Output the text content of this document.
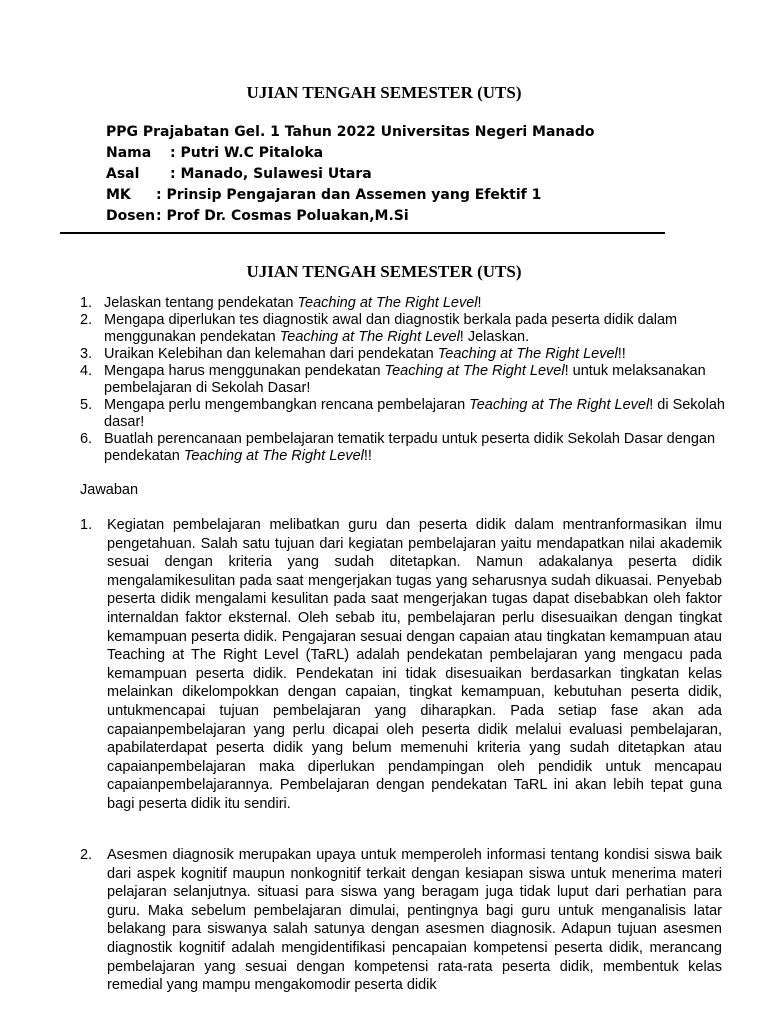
UJIAN TENGAH SEMESTER (UTS)
PPG Prajabatan Gel. 1 Tahun 2022 Universitas Negeri Manado
Nama : Putri W.C Pitaloka
Asal : Manado, Sulawesi Utara
MK : Prinsip Pengajaran dan Assemen yang Efektif 1
Dosen: Prof Dr. Cosmas Poluakan,M.Si
UJIAN TENGAH SEMESTER (UTS)
1. Jelaskan tentang pendekatan Teaching at The Right Level!
2. Mengapa diperlukan tes diagnostik awal dan diagnostik berkala pada peserta didik dalam menggunakan pendekatan Teaching at The Right Level! Jelaskan.
3. Uraikan Kelebihan dan kelemahan dari pendekatan Teaching at The Right Level!!
4. Mengapa harus menggunakan pendekatan Teaching at The Right Level! untuk melaksanakan pembelajaran di Sekolah Dasar!
5. Mengapa perlu mengembangkan rencana pembelajaran Teaching at The Right Level! di Sekolah dasar!
6. Buatlah perencanaan pembelajaran tematik terpadu untuk peserta didik Sekolah Dasar dengan pendekatan Teaching at The Right Level!!
Jawaban
1. Kegiatan pembelajaran melibatkan guru dan peserta didik dalam mentranformasikan ilmu pengetahuan. Salah satu tujuan dari kegiatan pembelajaran yaitu mendapatkan nilai akademik sesuai dengan kriteria yang sudah ditetapkan. Namun adakalanya peserta didik mengalamikesulitan pada saat mengerjakan tugas yang seharusnya sudah dikuasai. Penyebab peserta didik mengalami kesulitan pada saat mengerjakan tugas dapat disebabkan oleh faktor internaldan faktor eksternal. Oleh sebab itu, pembelajaran perlu disesuaikan dengan tingkat kemampuan peserta didik. Pengajaran sesuai dengan capaian atau tingkatan kemampuan atau Teaching at The Right Level (TaRL) adalah pendekatan pembelajaran yang mengacu pada kemampuan peserta didik. Pendekatan ini tidak disesuaikan berdasarkan tingkatan kelas melainkan dikelompokkan dengan capaian, tingkat kemampuan, kebutuhan peserta didik, untukmencapai tujuan pembelajaran yang diharapkan. Pada setiap fase akan ada capaianpembelajaran yang perlu dicapai oleh peserta didik melalui evaluasi pembelajaran, apabilaterdapat peserta didik yang belum memenuhi kriteria yang sudah ditetapkan atau capaianpembelajaran maka diperlukan pendampingan oleh pendidik untuk mencapau capaianpembelajarannya. Pembelajaran dengan pendekatan TaRL ini akan lebih tepat guna bagi peserta didik itu sendiri.
2. Asesmen diagnosik merupakan upaya untuk memperoleh informasi tentang kondisi siswa baik dari aspek kognitif maupun nonkognitif terkait dengan kesiapan siswa untuk menerima materi pelajaran selanjutnya. situasi para siswa yang beragam juga tidak luput dari perhatian para guru. Maka sebelum pembelajaran dimulai, pentingnya bagi guru untuk menganalisis latar belakang para siswanya salah satunya dengan asesmen diagnosik. Adapun tujuan asesmen diagnostik kognitif adalah mengidentifikasi pencapaian kompetensi peserta didik, merancang pembelajaran yang sesuai dengan kompetensi rata-rata peserta didik, membentuk kelas remedial yang mampu mengakomodir peserta didik
